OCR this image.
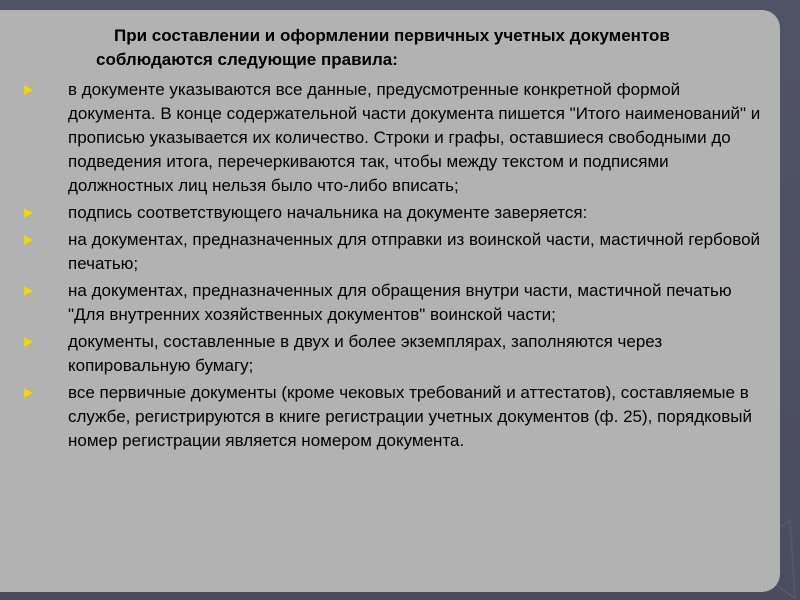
При составлении и оформлении первичных учетных документов соблюдаются следующие правила:
в документе указываются все данные, предусмотренные конкретной формой документа. В конце содержательной части документа пишется "Итого наименований" и прописью указывается их количество. Строки и графы, оставшиеся свободными до подведения итога, перечеркиваются так, чтобы между текстом и подписями должностных лиц нельзя было что-либо вписать;
подпись соответствующего начальника на документе заверяется:
на документах, предназначенных для отправки из воинской части, мастичной гербовой печатью;
на документах, предназначенных для обращения внутри части, мастичной печатью "Для внутренних хозяйственных документов" воинской части;
документы, составленные в двух и более экземплярах, заполняются через копировальную бумагу;
все первичные документы (кроме чековых требований и аттестатов), составляемые в службе, регистрируются в книге регистрации учетных документов (ф. 25), порядковый номер регистрации является номером документа.
